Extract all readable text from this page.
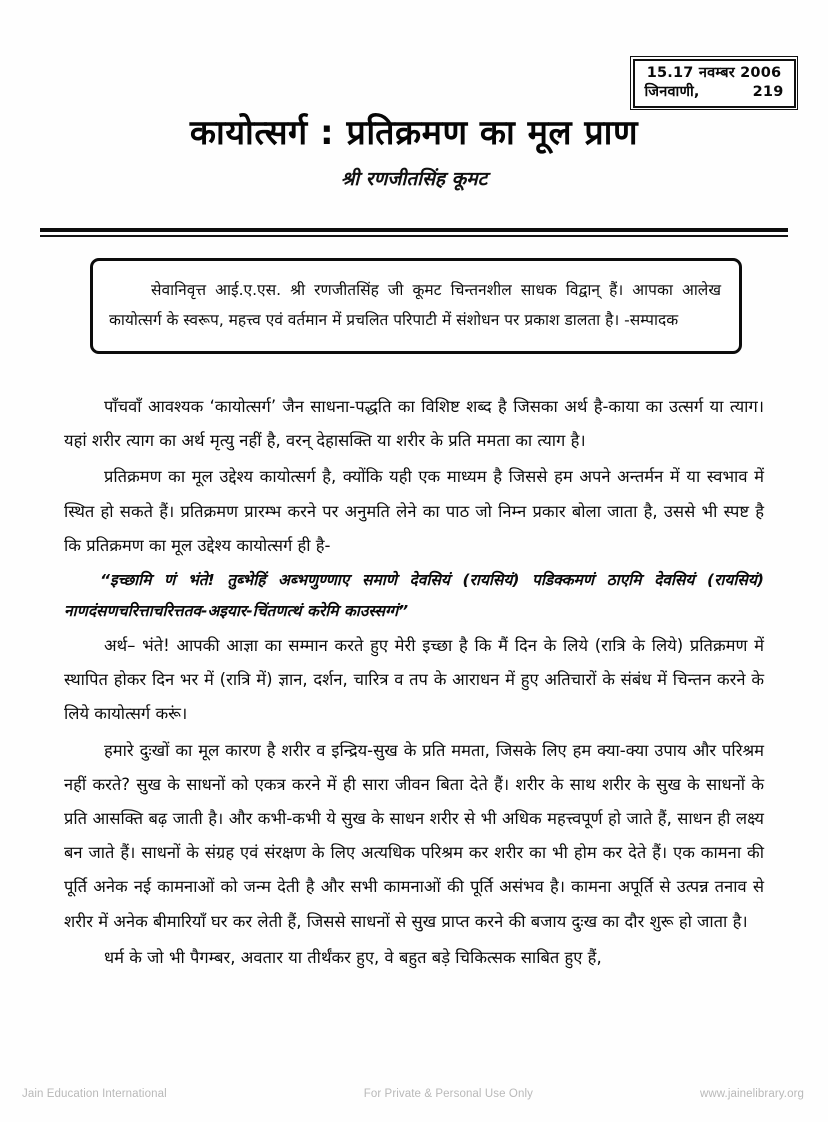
15.17 नवम्बर 2006
जिनवाणी,	219
कायोत्सर्ग : प्रतिक्रमण का मूल प्राण
श्री रणजीतसिंह कूमट
सेवानिवृत्त आई.ए.एस. श्री रणजीतसिंह जी कूमट चिन्तनशील साधक विद्वान् हैं। आपका आलेख कायोत्सर्ग के स्वरूप, महत्त्व एवं वर्तमान में प्रचलित परिपाटी में संशोधन पर प्रकाश डालता है। -सम्पादक

पाँचवाँ आवश्यक ‘कायोत्सर्ग’ जैन साधना-पद्धति का विशिष्ट शब्द है जिसका अर्थ है-काया का उत्सर्ग या त्याग। यहां शरीर त्याग का अर्थ मृत्यु नहीं है, वरन् देहासक्ति या शरीर के प्रति ममता का त्याग है।

प्रतिक्रमण का मूल उद्देश्य कायोत्सर्ग है, क्योंकि यही एक माध्यम है जिससे हम अपने अन्तर्मन में या स्वभाव में स्थित हो सकते हैं। प्रतिक्रमण प्रारम्भ करने पर अनुमति लेने का पाठ जो निम्न प्रकार बोला जाता है, उससे भी स्पष्ट है कि प्रतिक्रमण का मूल उद्देश्य कायोत्सर्ग ही है-

“इच्छामि णं भंते! तुब्भेहिं अब्भणुण्णाए समाणे देवसियं (रायसियं) पडिक्कमणं ठाएमि देवसियं (रायसियं) नाणदंसणचरित्ताचरित्ततव-अइयार-चिंतणत्थं करेमि काउस्सग्गं”

अर्थ– भंते! आपकी आज्ञा का सम्मान करते हुए मेरी इच्छा है कि मैं दिन के लिये (रात्रि के लिये) प्रतिक्रमण में स्थापित होकर दिन भर में (रात्रि में) ज्ञान, दर्शन, चारित्र व तप के आराधन में हुए अतिचारों के संबंध में चिन्तन करने के लिये कायोत्सर्ग करूं।

हमारे दुःखों का मूल कारण है शरीर व इन्द्रिय-सुख के प्रति ममता, जिसके लिए हम क्या-क्या उपाय और परिश्रम नहीं करते? सुख के साधनों को एकत्र करने में ही सारा जीवन बिता देते हैं। शरीर के साथ शरीर के सुख के साधनों के प्रति आसक्ति बढ़ जाती है। और कभी-कभी ये सुख के साधन शरीर से भी अधिक महत्त्वपूर्ण हो जाते हैं, साधन ही लक्ष्य बन जाते हैं। साधनों के संग्रह एवं संरक्षण के लिए अत्यधिक परिश्रम कर शरीर का भी होम कर देते हैं। एक कामना की पूर्ति अनेक नई कामनाओं को जन्म देती है और सभी कामनाओं की पूर्ति असंभव है। कामना अपूर्ति से उत्पन्न तनाव से शरीर में अनेक बीमारियाँ घर कर लेती हैं, जिससे साधनों से सुख प्राप्त करने की बजाय दुःख का दौर शुरू हो जाता है।

धर्म के जो भी पैगम्बर, अवतार या तीर्थंकर हुए, वे बहुत बड़े चिकित्सक साबित हुए हैं,

Jain Education International	For Private & Personal Use Only	www.jainelibrary.org
